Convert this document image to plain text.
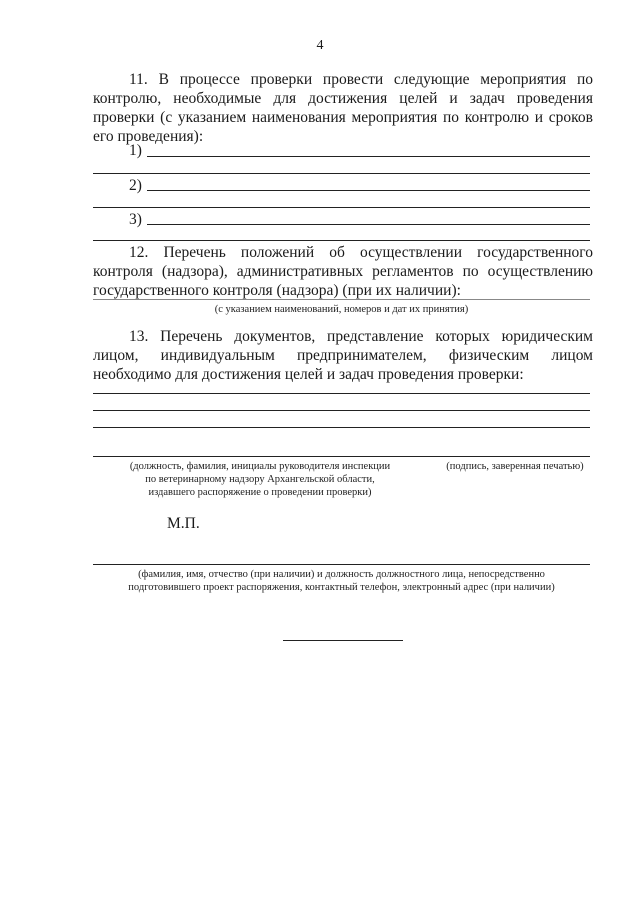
4

11. В процессе проверки провести следующие мероприятия по контролю, необходимые для достижения целей и задач проведения проверки (с указанием наименования мероприятия по контролю и сроков его проведения):

1)
2)
3)

12. Перечень положений об осуществлении государственного контроля (надзора), административных регламентов по осуществлению государственного контроля (надзора) (при их наличии):

(с указанием наименований, номеров и дат их принятия)

13. Перечень документов, представление которых юридическим лицом, индивидуальным предпринимателем, физическим лицом необходимо для достижения целей и задач проведения проверки:

(должность, фамилия, инициалы руководителя инспекции
по ветеринарному надзору Архангельской области,
издавшего распоряжение о проведении проверки)
(подпись, заверенная печатью)
М.П.
(фамилия, имя, отчество (при наличии) и должность должностного лица, непосредственно
подготовившего проект распоряжения, контактный телефон, электронный адрес (при наличии)
